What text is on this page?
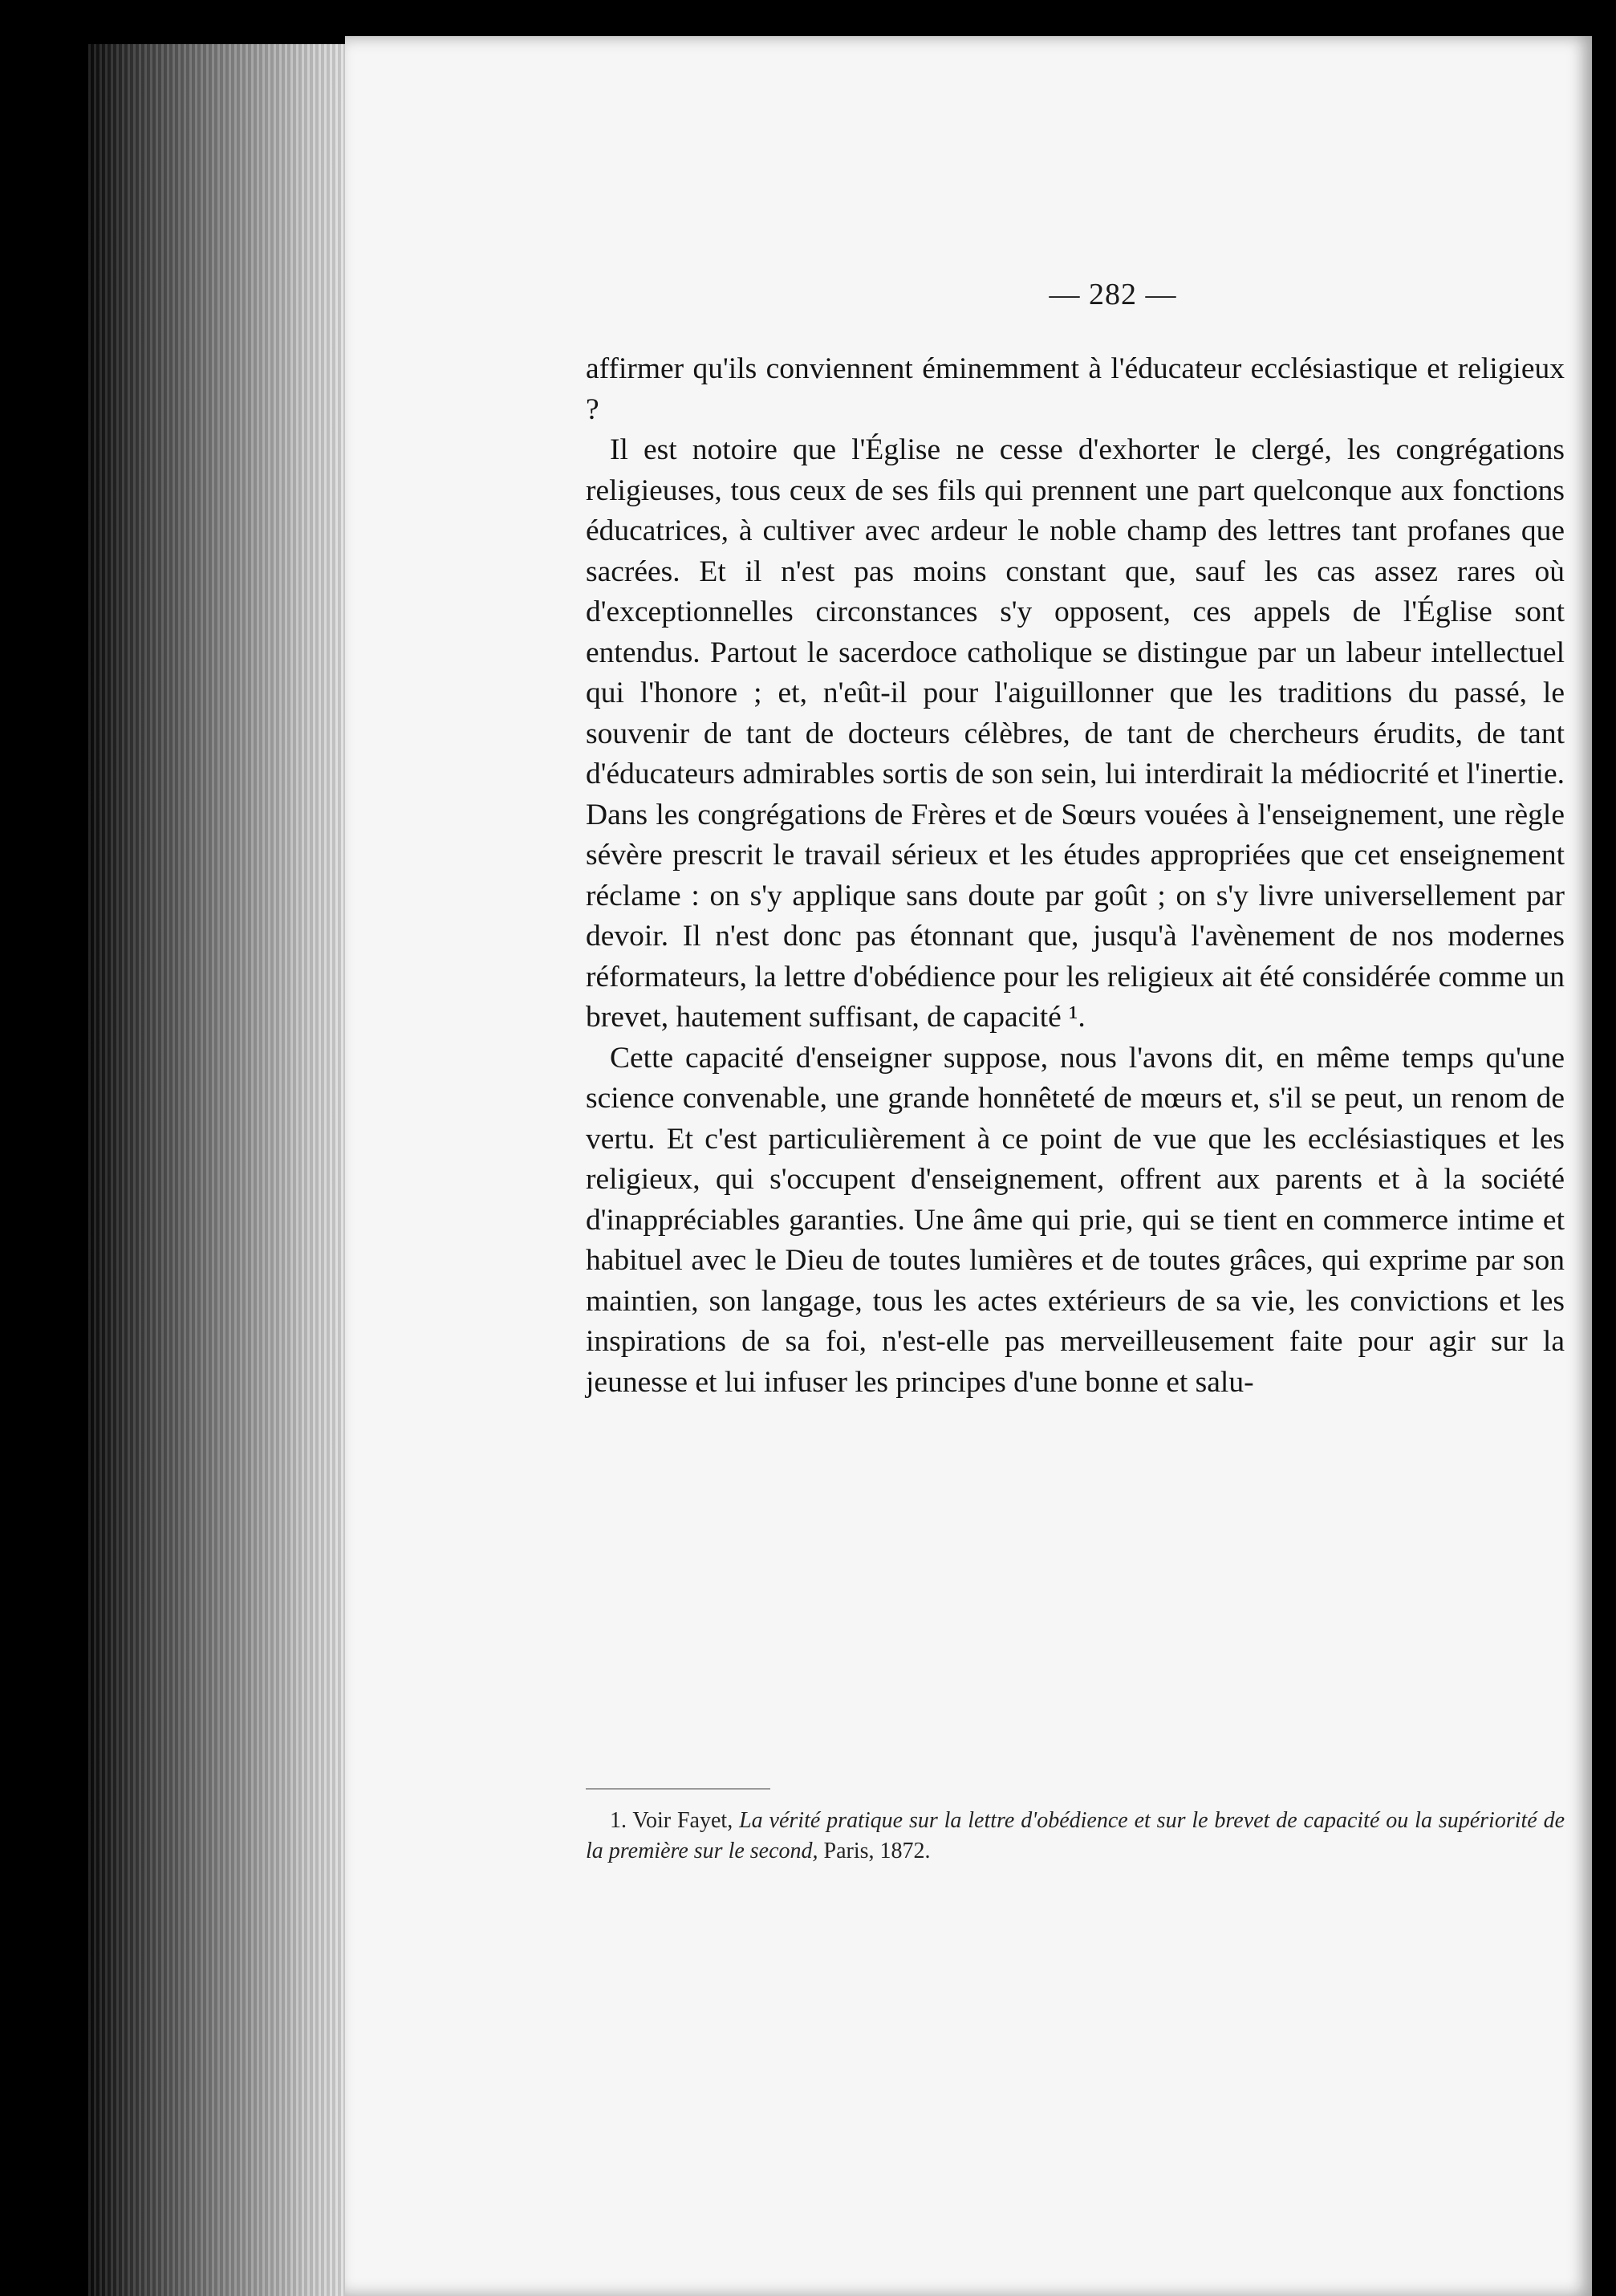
— 282 —

affirmer qu'ils conviennent éminemment à l'éducateur ecclésiastique et religieux ?

Il est notoire que l'Église ne cesse d'exhorter le clergé, les congrégations religieuses, tous ceux de ses fils qui prennent une part quelconque aux fonctions éducatrices, à cultiver avec ardeur le noble champ des lettres tant profanes que sacrées. Et il n'est pas moins constant que, sauf les cas assez rares où d'exceptionnelles circonstances s'y opposent, ces appels de l'Église sont entendus. Partout le sacerdoce catholique se distingue par un labeur intellectuel qui l'honore ; et, n'eût-il pour l'aiguillonner que les traditions du passé, le souvenir de tant de docteurs célèbres, de tant de chercheurs érudits, de tant d'éducateurs admirables sortis de son sein, lui interdirait la médiocrité et l'inertie. Dans les congrégations de Frères et de Sœurs vouées à l'enseignement, une règle sévère prescrit le travail sérieux et les études appropriées que cet enseignement réclame : on s'y applique sans doute par goût ; on s'y livre universellement par devoir. Il n'est donc pas étonnant que, jusqu'à l'avènement de nos modernes réformateurs, la lettre d'obédience pour les religieux ait été considérée comme un brevet, hautement suffisant, de capacité ¹.

Cette capacité d'enseigner suppose, nous l'avons dit, en même temps qu'une science convenable, une grande honnêteté de mœurs et, s'il se peut, un renom de vertu. Et c'est particulièrement à ce point de vue que les ecclésiastiques et les religieux, qui s'occupent d'enseignement, offrent aux parents et à la société d'inappréciables garanties. Une âme qui prie, qui se tient en commerce intime et habituel avec le Dieu de toutes lumières et de toutes grâces, qui exprime par son maintien, son langage, tous les actes extérieurs de sa vie, les convictions et les inspirations de sa foi, n'est-elle pas merveilleusement faite pour agir sur la jeunesse et lui infuser les principes d'une bonne et salu-

1. Voir Fayet, La vérité pratique sur la lettre d'obédience et sur le brevet de capacité ou la supériorité de la première sur le second, Paris, 1872.
